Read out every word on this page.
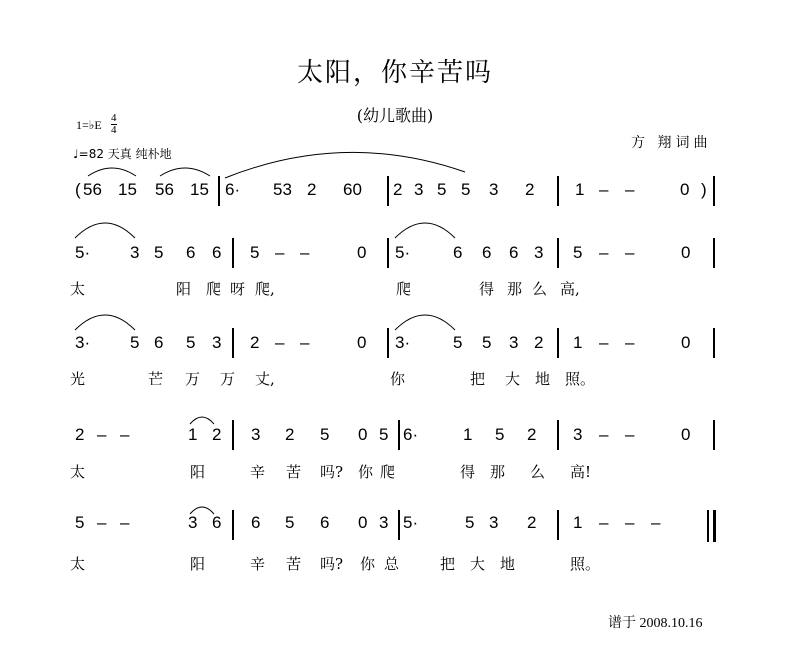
太阳，你辛苦吗
(幼儿歌曲)
1=♭E $\frac{4}{4}$
♩=82 天真 纯朴地
方 翔词曲
谱于 2008.10.16
( 56 15 56 15 6· 53 2 60 2 3 5 5 3 2 1 – –	0 )
5· 3 5 6 6 5 – –	0 5·	6 6 6 3 5 – –	0
太	阳 爬 呀 爬,	爬	得 那 么 高,
3· 5 6 5 3 2 – –	0 3·	5 5 3 2 1 – –	0
光	芒 万 万 丈,	你	把 大 地 照。
2 – –	1 2 3 2 5 0 5 6·	1 5 2 3 – –	0
太	阳	辛 苦 吗? 你 爬	得 那 么 高!
5 – –	3 6 6 5 6 0 3 5·	5 3 2 1 – – –
太	阳	辛 苦 吗? 你 总	把 大 地	照。
